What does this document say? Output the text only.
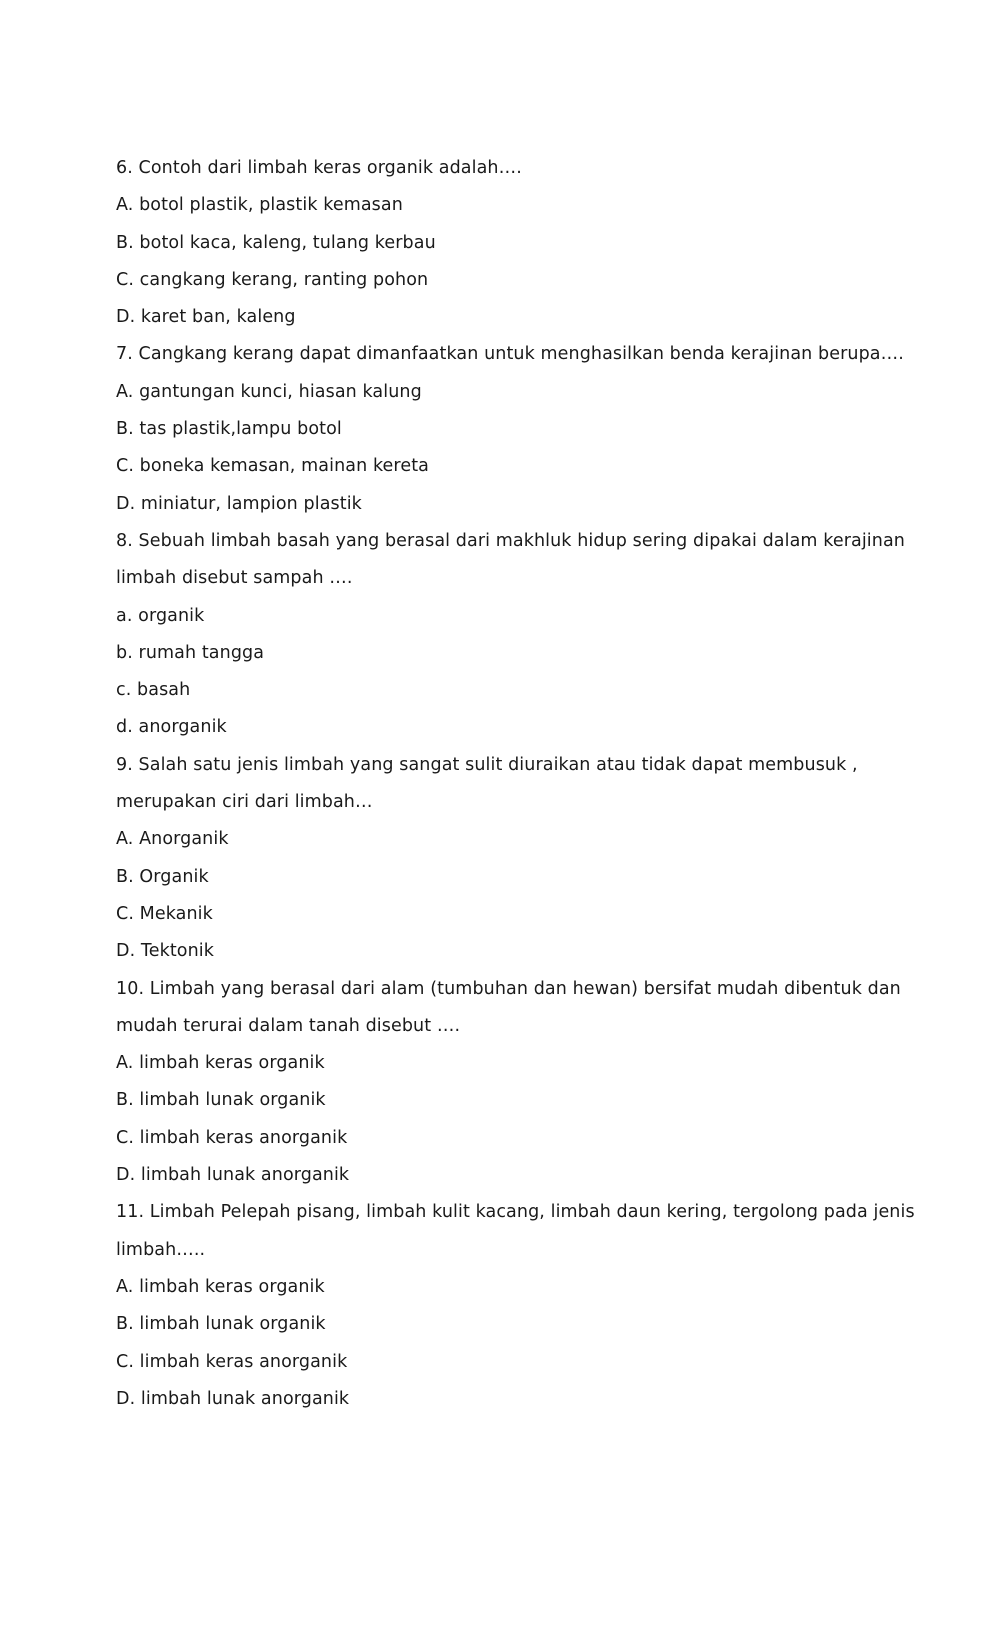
6. Contoh dari limbah keras organik adalah….
A. botol plastik, plastik kemasan
B. botol kaca, kaleng, tulang kerbau
C. cangkang kerang, ranting pohon
D. karet ban, kaleng
7. Cangkang kerang dapat dimanfaatkan untuk menghasilkan benda kerajinan berupa….
A. gantungan kunci, hiasan kalung
B. tas plastik,lampu botol
C. boneka kemasan, mainan kereta
D. miniatur, lampion plastik
8. Sebuah limbah basah yang berasal dari makhluk hidup sering dipakai dalam kerajinan
limbah disebut sampah ….
a. organik
b. rumah tangga
c. basah
d. anorganik
9. Salah satu jenis limbah yang sangat sulit diuraikan atau tidak dapat membusuk ,
merupakan ciri dari limbah…
A. Anorganik
B. Organik
C. Mekanik
D. Tektonik
10. Limbah yang berasal dari alam (tumbuhan dan hewan) bersifat mudah dibentuk dan
mudah terurai dalam tanah disebut ….
A. limbah keras organik
B. limbah lunak organik
C. limbah keras anorganik
D. limbah lunak anorganik
11. Limbah Pelepah pisang, limbah kulit kacang, limbah daun kering, tergolong pada jenis
limbah…..
A. limbah keras organik
B. limbah lunak organik
C. limbah keras anorganik
D. limbah lunak anorganik
